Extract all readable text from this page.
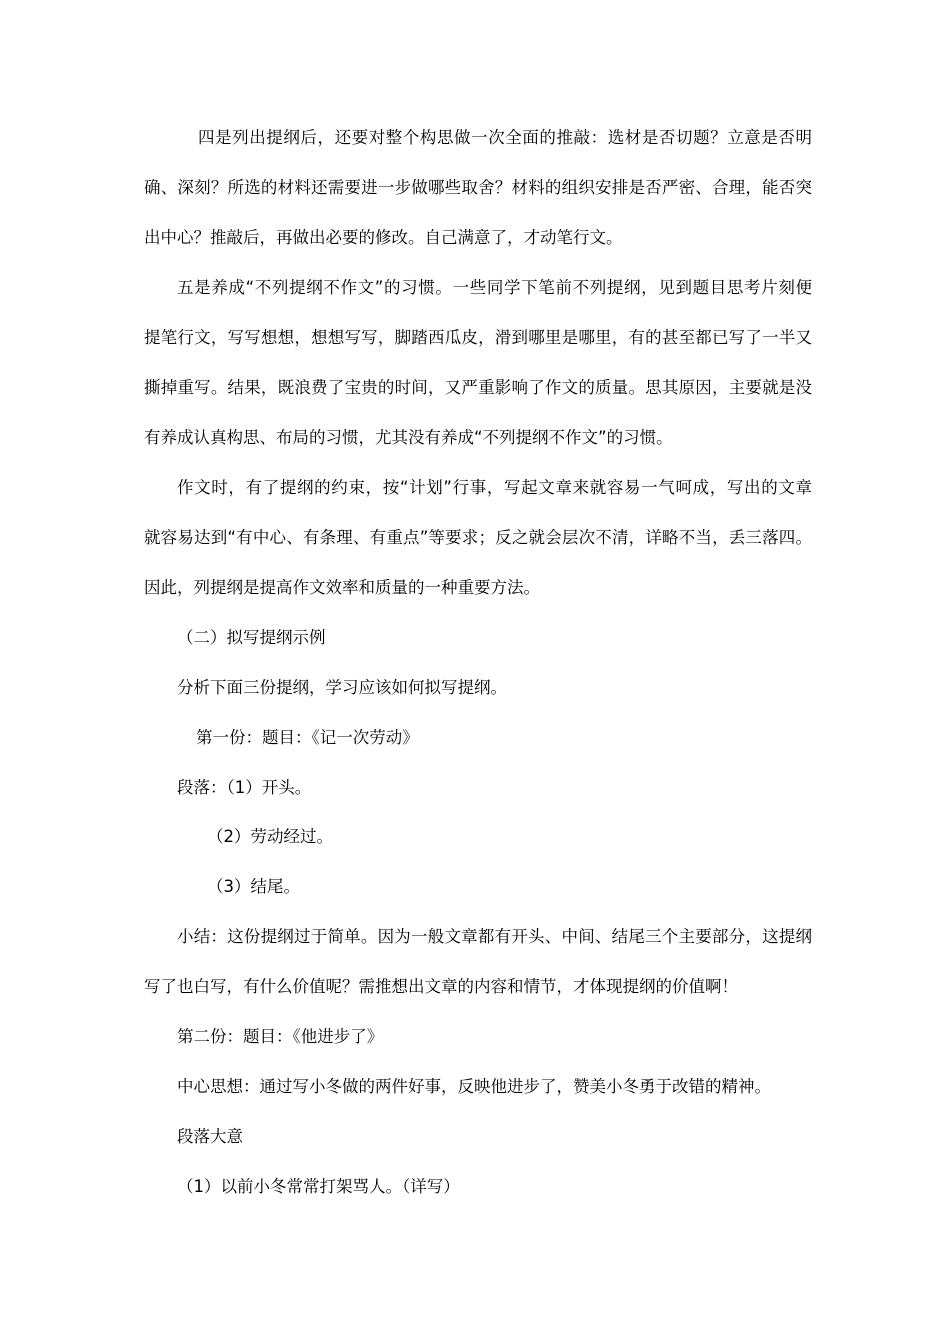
四是列出提纲后，还要对整个构思做一次全面的推敲：选材是否切题？立意是否明
确、深刻？所选的材料还需要进一步做哪些取舍？材料的组织安排是否严密、合理，能否突
出中心？推敲后，再做出必要的修改。自己满意了，才动笔行文。
五是养成“不列提纲不作文”的习惯。一些同学下笔前不列提纲，见到题目思考片刻便
提笔行文，写写想想，想想写写，脚踏西瓜皮，滑到哪里是哪里，有的甚至都已写了一半又
撕掉重写。结果，既浪费了宝贵的时间，又严重影响了作文的质量。思其原因，主要就是没
有养成认真构思、布局的习惯，尤其没有养成“不列提纲不作文”的习惯。
作文时，有了提纲的约束，按“计划”行事，写起文章来就容易一气呵成，写出的文章
就容易达到“有中心、有条理、有重点”等要求；反之就会层次不清，详略不当，丢三落四。
因此，列提纲是提高作文效率和质量的一种重要方法。
（二）拟写提纲示例
分析下面三份提纲，学习应该如何拟写提纲。
第一份：题目：《记一次劳动》
段落：（1）开头。
（2）劳动经过。
（3）结尾。
小结：这份提纲过于简单。因为一般文章都有开头、中间、结尾三个主要部分，这提纲
写了也白写，有什么价值呢？需推想出文章的内容和情节，才体现提纲的价值啊！
第二份：题目：《他进步了》
中心思想：通过写小冬做的两件好事，反映他进步了，赞美小冬勇于改错的精神。
段落大意
（1）以前小冬常常打架骂人。（详写）
